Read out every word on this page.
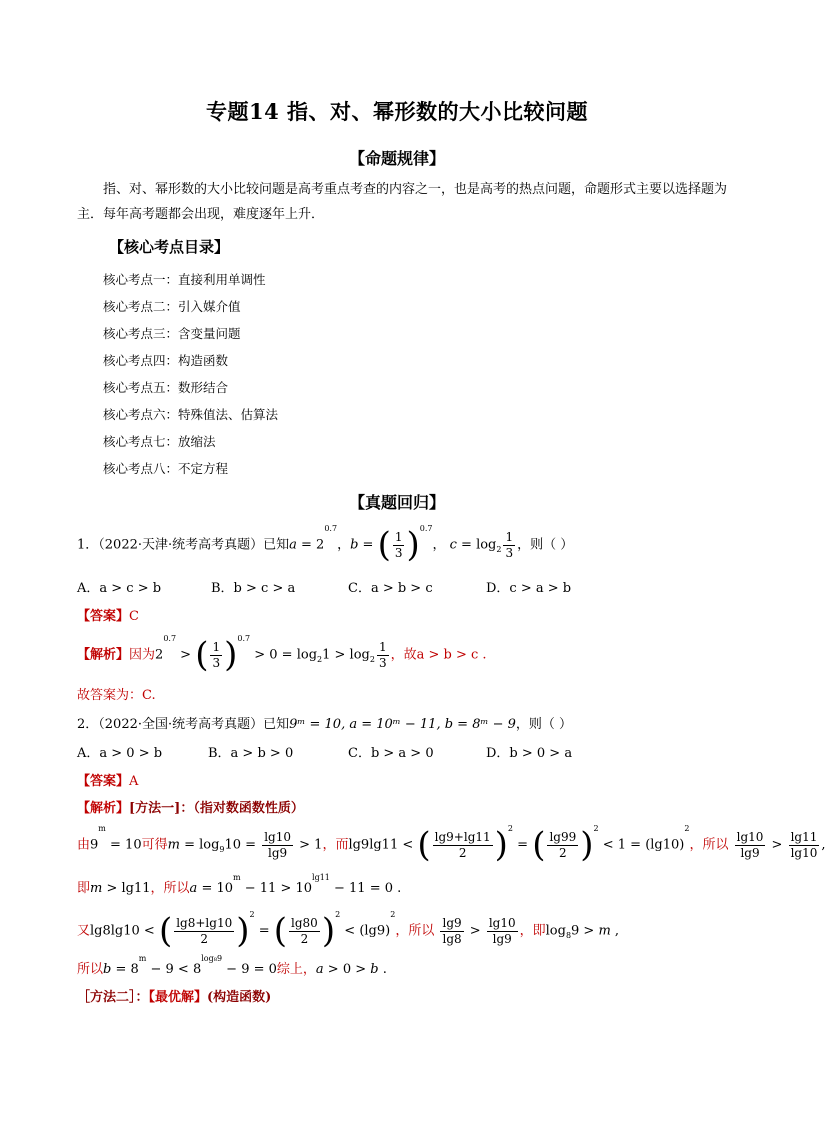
专题14 指、对、幂形数的大小比较问题
【命题规律】
指、对、幂形数的大小比较问题是高考重点考查的内容之一，也是高考的热点问题，命题形式主要以选择题为主．每年高考题都会出现，难度逐年上升．
【核心考点目录】
核心考点一：直接利用单调性
核心考点二：引入媒介值
核心考点三：含变量问题
核心考点四：构造函数
核心考点五：数形结合
核心考点六：特殊值法、估算法
核心考点七：放缩法
核心考点八：不定方程
【真题回归】
1．（2022·天津·统考高考真题）已知$a = 2^{0.7}$，b = ( $\frac{1}{3} )^{0.7}$， $c = \log_2 \frac{1}{3}$ ，则（ ）
A．a > c > b	B．b > c > a	C．a > b > c	D．c > a > b
【答案】C
【解析】因为$2^{0.7}$ > ( $\frac{1}{3} )^{0.7} > 0 = \log_21 > \log_2 \frac{1}{3}$ ，故a > b > c .
故答案为：C.
2．（2022·全国·统考高考真题）已知9ᵐ = 10, a = 10ᵐ − 11, b = 8ᵐ − 9，则（ ）
A．a > 0 > b	B．a > b > 0	C．b > a > 0	D．b > 0 > a
【答案】A
【解析】[方法一]：（指对数函数性质）
由$9^m = 10$可得$m = \log_910 = \frac{\lg 10}{\lg 9} > 1$，而lg9lg11 < ( $\frac{\lg 9+\lg 11}{2} )^2$ = ( $\frac{\lg 99}{2} )^2 < 1 = (\lg 10)^2$，所以 $\frac{\lg 10}{\lg 9} > \frac{\lg 11}{\lg 10}$ ,
即m > lg11，所以$a = 10^m - 11 > 10^{lg11} - 11 = 0$ .
又lg8lg10 < ( $\frac{\lg 8+\lg 10}{2} )^2$ = ( $\frac{\lg 80}{2} )^2 < (\lg 9)^2$，所以 $\frac{\lg 9}{\lg 8} > \frac{\lg 10}{\lg 9}$ ，即$\log_89 > m$ ,
所以$b = 8^m - 9 < 8^{log_89} - 9 = 0$综上，a > 0 > b .
［方法二］：【最优解】(构造函数)
